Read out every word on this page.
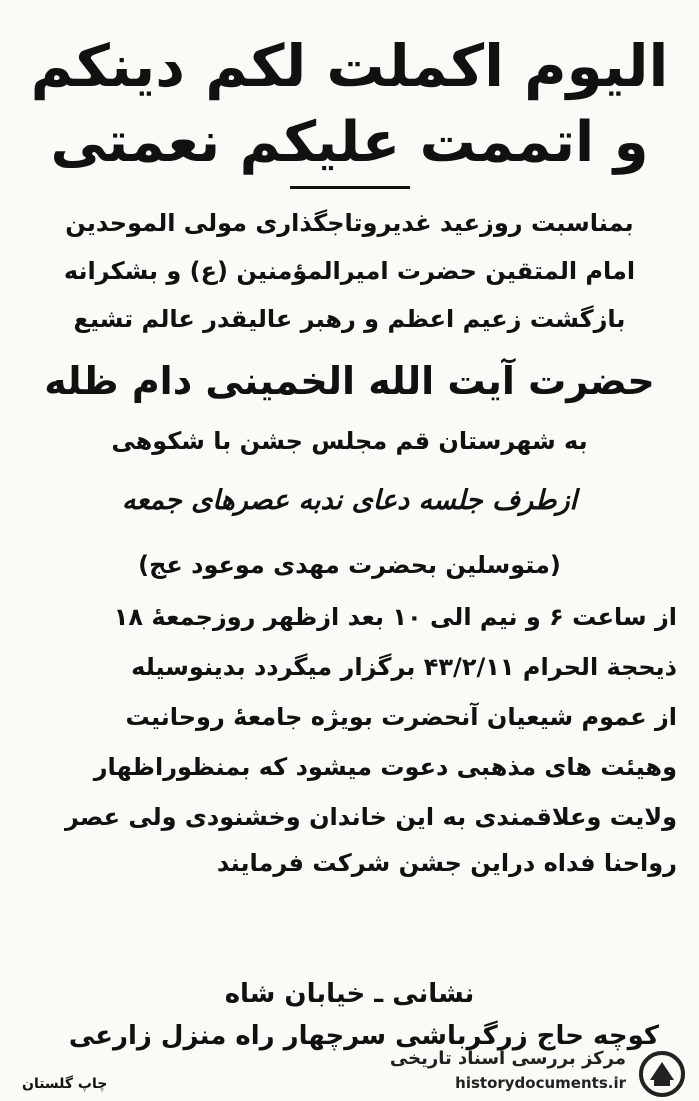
الیوم اکملت لکم دینکم
و اتممت علیکم نعمتی
بمناسبت روزعید غدیروتاجگذاری مولی الموحدین
امام المتقین حضرت امیرالمؤمنین (ع) و بشکرانه
بازگشت زعیم اعظم و رهبر عالیقدر عالم تشیع
حضرت آیت الله الخمینی دام ظله
به شهرستان قم مجلس جشن با شکوهی
ازطرف جلسه دعای ندبه عصرهای جمعه
(متوسلین بحضرت مهدی موعود عج)
از ساعت ۶ و نیم الی ۱۰ بعد ازظهر روزجمعهٔ ۱۸
ذیحجة الحرام ۴۳/۲/۱۱ برگزار میگردد بدینوسیله
از عموم شیعیان آنحضرت بویژه جامعهٔ روحانیت
وهیئت های مذهبی دعوت میشود که بمنظوراظهار
ولایت وعلاقمندی به این خاندان وخشنودی ولی عصر
رواحنا فداه دراین جشن شرکت فرمایند
نشانی ـ خیابان شاه
کوچه حاج زرگرباشی سرچهار راه منزل زارعی
چاپ گلستان
مرکز بررسی اسناد تاریخی
historydocuments.ir
